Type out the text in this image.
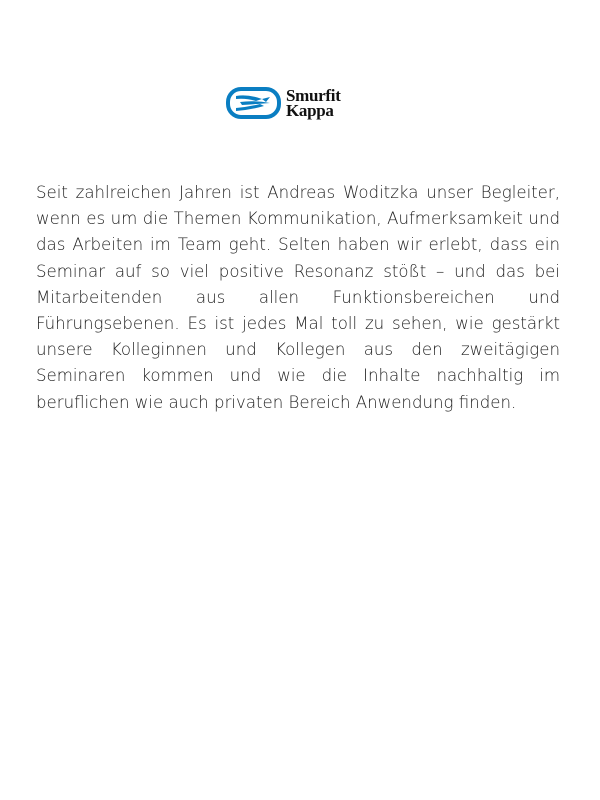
Smurfit
Kappa

Seit zahlreichen Jahren ist Andreas Woditzka unser Begleiter, wenn es um die Themen Kommunikation, Aufmerksamkeit und das Arbeiten im Team geht. Selten haben wir erlebt, dass ein Seminar auf so viel positive Resonanz stößt – und das bei Mitarbeitenden aus allen Funktionsbereichen und Führungsebenen. Es ist jedes Mal toll zu sehen, wie gestärkt unsere Kolleginnen und Kollegen aus den zweitägigen Seminaren kommen und wie die Inhalte nachhaltig im beruflichen wie auch privaten Bereich Anwendung finden.
